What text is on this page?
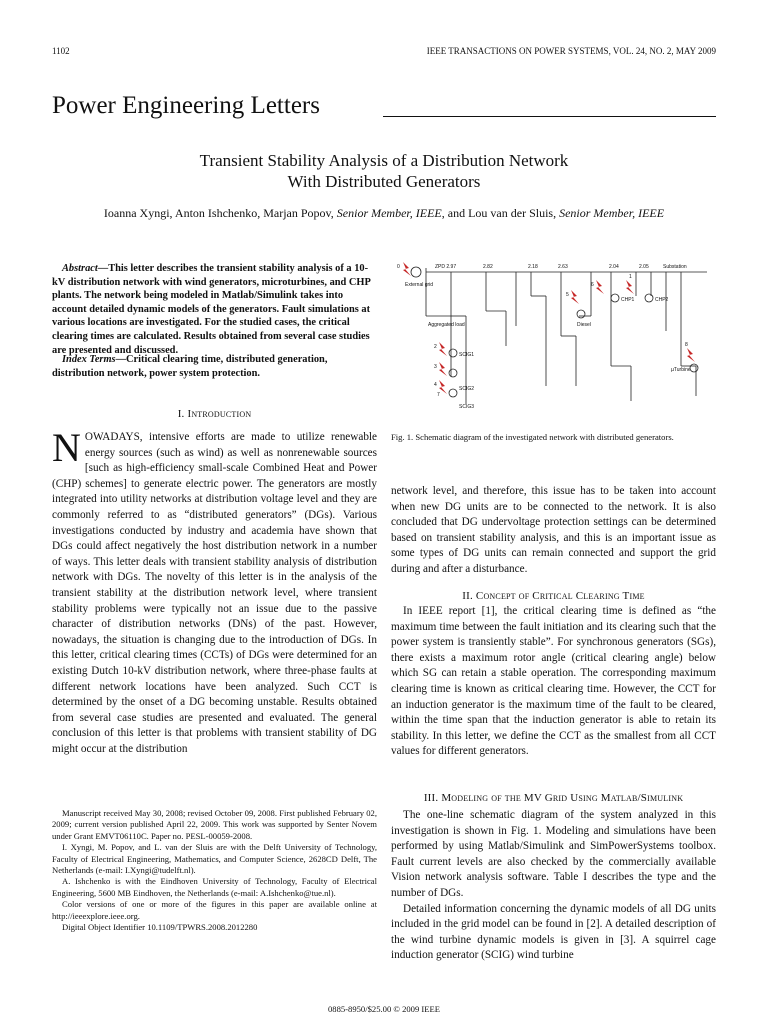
1102	IEEE TRANSACTIONS ON POWER SYSTEMS, VOL. 24, NO. 2, MAY 2009
Power Engineering Letters
Transient Stability Analysis of a Distribution Network
With Distributed Generators
Ioanna Xyngi, Anton Ishchenko, Marjan Popov, Senior Member, IEEE, and Lou van der Sluis, Senior Member, IEEE

Abstract—This letter describes the transient stability analysis of a 10-kV distribution network with wind generators, microturbines, and CHP plants. The network being modeled in Matlab/Simulink takes into account detailed dynamic models of the generators. Fault simulations at various locations are investigated. For the studied cases, the critical clearing times are calculated. Results obtained from several case studies are presented and discussed.

Index Terms—Critical clearing time, distributed generation, distribution network, power system protection.

I. Introduction
NOWADAYS, intensive efforts are made to utilize renewable energy sources (such as wind) as well as nonrenewable sources [such as high-efficiency small-scale Combined Heat and Power (CHP) schemes] to generate electric power. The generators are mostly integrated into utility networks at distribution voltage level and they are commonly referred to as “distributed generators” (DGs). Various investigations conducted by industry and academia have shown that DGs could affect negatively the host distribution network in a number of ways. This letter deals with transient stability analysis of distribution network with DGs. The novelty of this letter is in the analysis of the transient stability at the distribution network level, where transient stability problems were typically not an issue due to the passive character of distribution networks (DNs) of the past. However, nowadays, the situation is changing due to the introduction of DGs. In this letter, critical clearing times (CCTs) of DGs were determined for an existing Dutch 10-kV distribution network, where three-phase faults at different network locations have been analyzed. Such CCT is determined by the onset of a DG becoming unstable. Results obtained from several case studies are presented and evaluated. The general conclusion of this letter is that problems with transient stability of DG might occur at the distribution

Manuscript received May 30, 2008; revised October 09, 2008. First published February 02, 2009; current version published April 22, 2009. This work was supported by Senter Novem under Grant EMVT06110C. Paper no. PESL-00059-2008.

I. Xyngi, M. Popov, and L. van der Sluis are with the Delft University of Technology, Faculty of Electrical Engineering, Mathematics, and Computer Science, 2628CD Delft, The Netherlands (e-mail: I.Xyngi@tudelft.nl).

A. Ishchenko is with the Eindhoven University of Technology, Faculty of Electrical Engineering, 5600 MB Eindhoven, the Netherlands (e-mail: A.Ishchenko@tue.nl).

Color versions of one or more of the figures in this paper are available online at http://ieeexplore.ieee.org.

Digital Object Identifier 10.1109/TPWRS.2008.2012280

ZPD 2.97	2.82	2.18	2.63	2.04	2.05	Substation
External grid
Aggregated load
SCIG1
SCIG2
SCIG3
CHP1	CHP2
Diesel
µTurbine
0
1
2
3
4
5
6
7
8
Fig. 1. Schematic diagram of the investigated network with distributed generators.
network level, and therefore, this issue has to be taken into account when new DG units are to be connected to the network. It is also concluded that DG undervoltage protection settings can be determined based on transient stability analysis, and this is an important issue as some types of DG units can remain connected and support the grid during and after a disturbance.
II. Concept of Critical Clearing Time

In IEEE report [1], the critical clearing time is defined as “the maximum time between the fault initiation and its clearing such that the power system is transiently stable”. For synchronous generators (SGs), there exists a maximum rotor angle (critical clearing angle) below which SG can retain a stable operation. The corresponding maximum clearing time is known as critical clearing time. However, the CCT for an induction generator is the maximum time of the fault to be cleared, within the time span that the induction generator is able to retain its stability. In this letter, we define the CCT as the smallest from all CCT values for different generators.

III. Modeling of the MV Grid Using Matlab/Simulink

The one-line schematic diagram of the system analyzed in this investigation is shown in Fig. 1. Modeling and simulations have been performed by using Matlab/Simulink and SimPowerSystems toolbox. Fault current levels are also checked by the commercially available Vision network analysis software. Table I describes the type and the number of DGs.

Detailed information concerning the dynamic models of all DG units included in the grid model can be found in [2]. A detailed description of the wind turbine dynamic models is given in [3]. A squirrel cage induction generator (SCIG) wind turbine

0885-8950/$25.00 © 2009 IEEE
